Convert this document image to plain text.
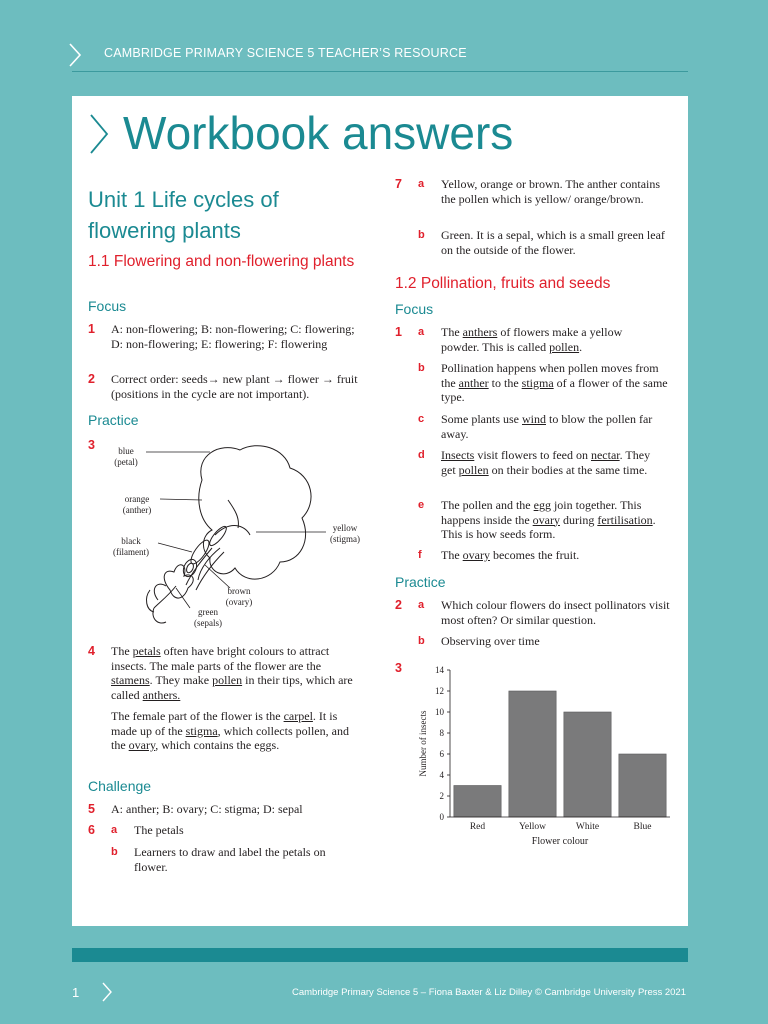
CAMBRIDGE PRIMARY SCIENCE 5 TEACHER’S RESOURCE
Workbook answers
Unit 1 Life cycles of flowering plants
1.1 Flowering and non-flowering plants
Focus
1 A: non-flowering; B: non-flowering; C: flowering; D: non-flowering; E: flowering; F: flowering
2 Correct order: seeds→ new plant → flower → fruit (positions in the cycle are not important).
Practice
3	blue
(petal)
orange
(anther)
black
(filament)
yellow
(stigma)
brown
(ovary)
green
(sepals)
4 The petals often have bright colours to attract insects. The male parts of the flower are the stamens. They make pollen in their tips, which are called anthers.
The female part of the flower is the carpel. It is made up of the stigma, which collects pollen, and the ovary, which contains the eggs.
Challenge
5 A: anther; B: ovary; C: stigma; D: sepal
6 a The petals
b Learners to draw and label the petals on flower.
7 a Yellow, orange or brown. The anther contains the pollen which is yellow/ orange/brown.
b Green. It is a sepal, which is a small green leaf on the outside of the flower.
1.2 Pollination, fruits and seeds
Focus
1 a The anthers of flowers make a yellow powder. This is called pollen.
b Pollination happens when pollen moves from the anther to the stigma of a flower of the same type.
c Some plants use wind to blow the pollen far away.
d Insects visit flowers to feed on nectar. They get pollen on their bodies at the same time.
e The pollen and the egg join together. This happens inside the ovary during fertilisation. This is how seeds form.
f The ovary becomes the fruit.
Practice
2 a Which colour flowers do insect pollinators visit most often? Or similar question.
b Observing over time
3
0
2
4
6
8
10
12
14
Red	Yellow	White	Blue
Number of insects
Flower colour
1	Cambridge Primary Science 5 – Fiona Baxter & Liz Dilley © Cambridge University Press 2021
